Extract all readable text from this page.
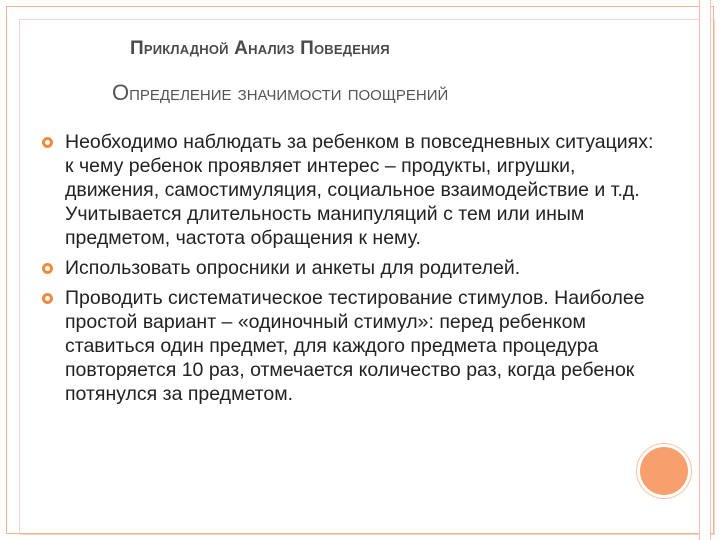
Прикладной Анализ Поведения
Определение значимости поощрений
Необходимо наблюдать за ребенком в повседневных ситуациях: к чему ребенок проявляет интерес – продукты, игрушки, движения, самостимуляция, социальное взаимодействие и т.д. Учитывается длительность манипуляций с тем или иным предметом, частота обращения к нему.
Использовать опросники и анкеты для родителей.
Проводить систематическое тестирование стимулов. Наиболее простой вариант – «одиночный стимул»: перед ребенком ставиться один предмет, для каждого предмета процедура повторяется 10 раз, отмечается количество раз, когда ребенок потянулся за предметом.
